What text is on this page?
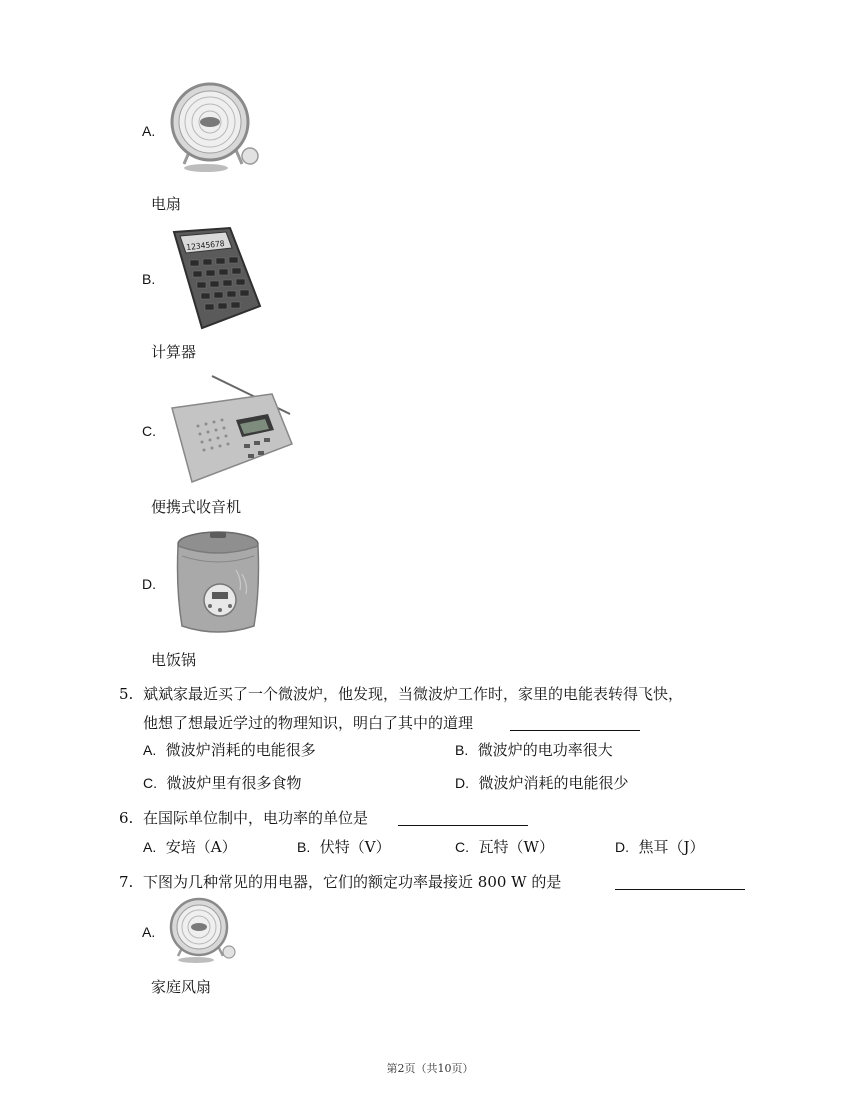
A.
电扇
B.
12345678
计算器
C.
便携式收音机
D.
电饭锅
5. 斌斌家最近买了一个微波炉，他发现，当微波炉工作时，家里的电能表转得飞快，
他想了想最近学过的物理知识，明白了其中的道理
A. 微波炉消耗的电能很多	B. 微波炉的电功率很大
C. 微波炉里有很多食物	D. 微波炉消耗的电能很少
6. 在国际单位制中，电功率的单位是
A. 安培（A）	B. 伏特（V）	C. 瓦特（W）	D. 焦耳（J）
7. 下图为几种常见的用电器，它们的额定功率最接近 800 W 的是
A.
家庭风扇
第2页（共10页）
